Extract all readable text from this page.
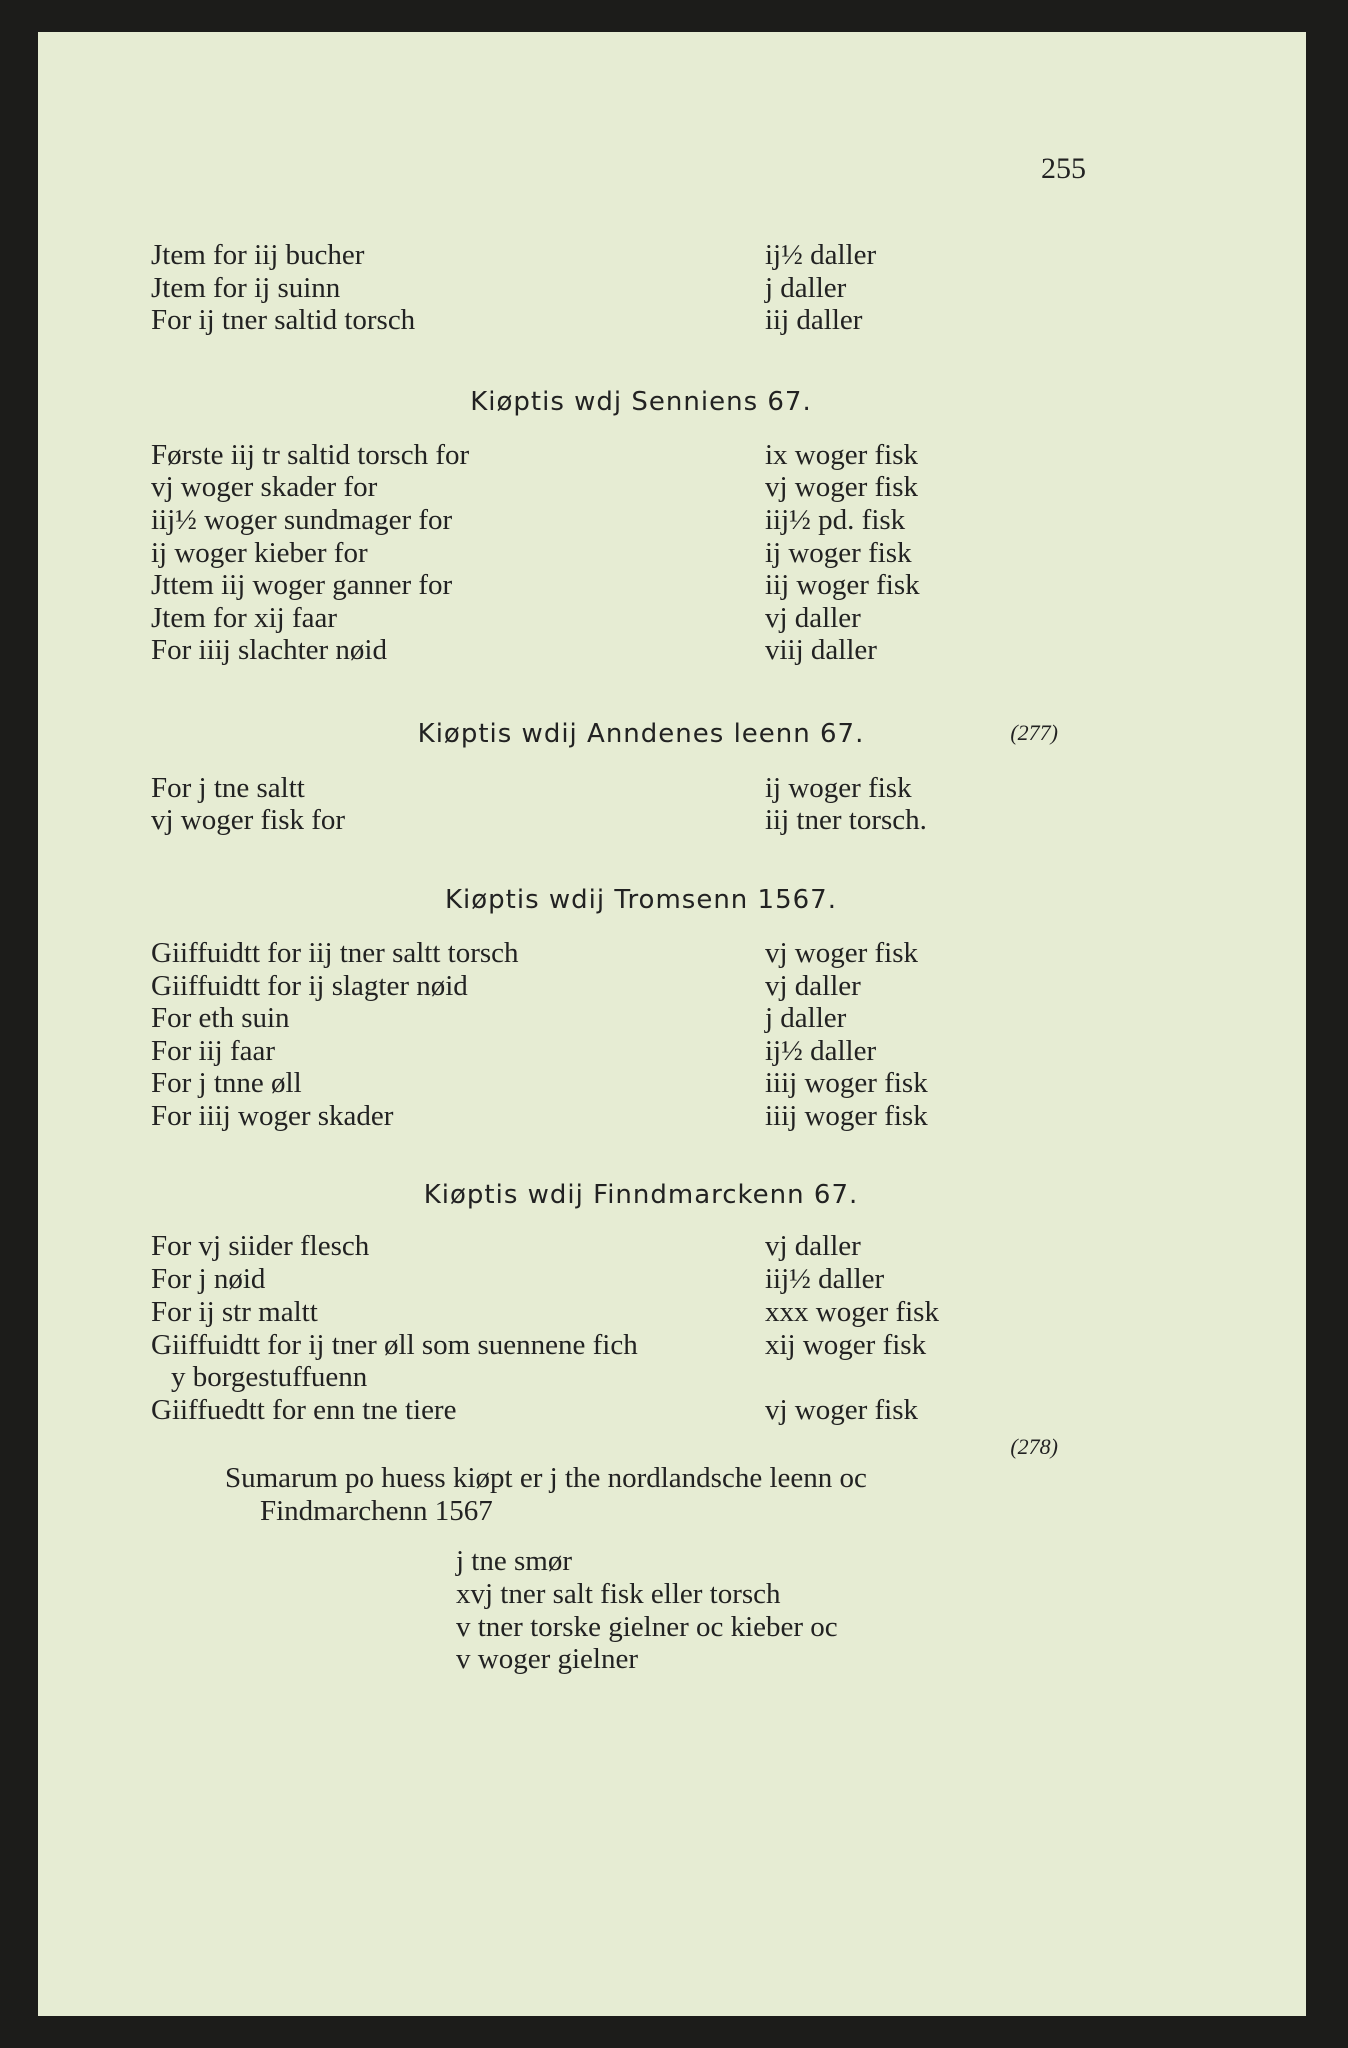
255
Jtem for iij bucher	ij½ daller
Jtem for ij suinn	j daller
For ij tner saltid torsch	iij daller
Kiøptis wdj Senniens 67.
Første iij tr saltid torsch for	ix woger fisk
vj woger skader for	vj woger fisk
iij½ woger sundmager for	iij½ pd. fisk
ij woger kieber for	ij woger fisk
Jttem iij woger ganner for	iij woger fisk
Jtem for xij faar	vj daller
For iiij slachter nøid	viij daller
Kiøptis wdij Anndenes leenn 67.	(277)
For j tne saltt	ij woger fisk
vj woger fisk for	iij tner torsch.
Kiøptis wdij Tromsenn 1567.
Giiffuidtt for iij tner saltt torsch	vj woger fisk
Giiffuidtt for ij slagter nøid	vj daller
For eth suin	j daller
For iij faar	ij½ daller
For j tnne øll	iiij woger fisk
For iiij woger skader	iiij woger fisk
Kiøptis wdij Finndmarckenn 67.
For vj siider flesch	vj daller
For j nøid	iij½ daller
For ij str maltt	xxx woger fisk
Giiffuidtt for ij tner øll som suennene fich	xij woger fisk
y borgestuffuenn
Giiffuedtt for enn tne tiere	vj woger fisk
(278)
Sumarum po huess kiøpt er j the nordlandsche leenn oc
Findmarchenn 1567
j tne smør
xvj tner salt fisk eller torsch
v tner torske gielner oc kieber oc
v woger gielner
